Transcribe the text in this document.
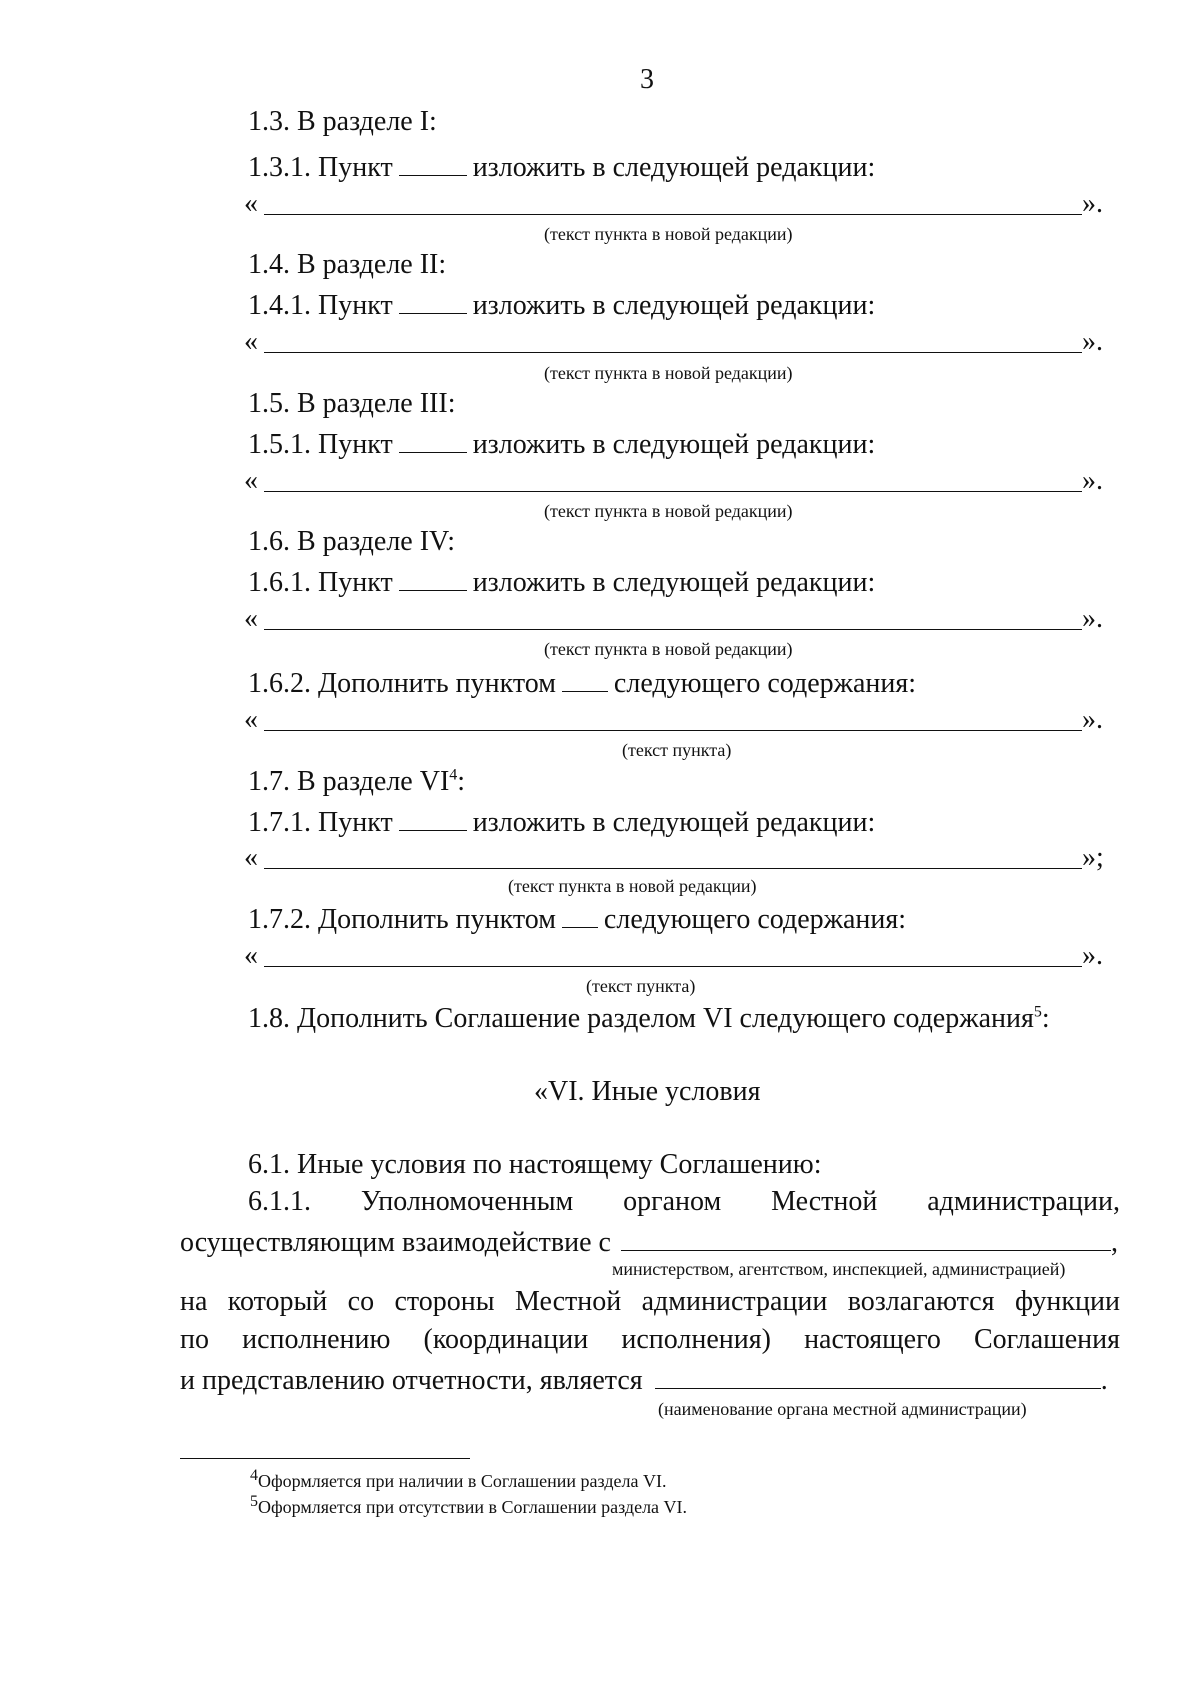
3
1.3. В разделе I:
1.3.1. Пункт	изложить в следующей редакции:
«	».
(текст пункта в новой редакции)
1.4. В разделе II:
1.4.1. Пункт	изложить в следующей редакции:
«	».
(текст пункта в новой редакции)
1.5. В разделе III:
1.5.1. Пункт	изложить в следующей редакции:
«	».
(текст пункта в новой редакции)
1.6. В разделе IV:
1.6.1. Пункт	изложить в следующей редакции:
«	».
(текст пункта в новой редакции)
1.6.2. Дополнить пунктом следующего содержания:
«	».
(текст пункта)
1.7. В разделе $VI^4$:
1.7.1. Пункт	изложить в следующей редакции:
«	»;
(текст пункта в новой редакции)
1.7.2. Дополнить пунктом следующего содержания:
«	».
(текст пункта)
1.8. Дополнить Соглашение разделом VI следующего содержания$^5$:
«VI. Иные условия
6.1. Иные условия по настоящему Соглашению:
6.1.1. Уполномоченным органом Местной администрации,
осуществляющим взаимодействие с	,
министерством, агентством, инспекцией, администрацией)
на который со стороны Местной администрации возлагаются функции
по исполнению (координации исполнения) настоящего Соглашения
и представлению отчетности, является	.
(наименование органа местной администрации)
$^4$Оформляется при наличии в Соглашении раздела VI.
$^5$Оформляется при отсутствии в Соглашении раздела VI.
